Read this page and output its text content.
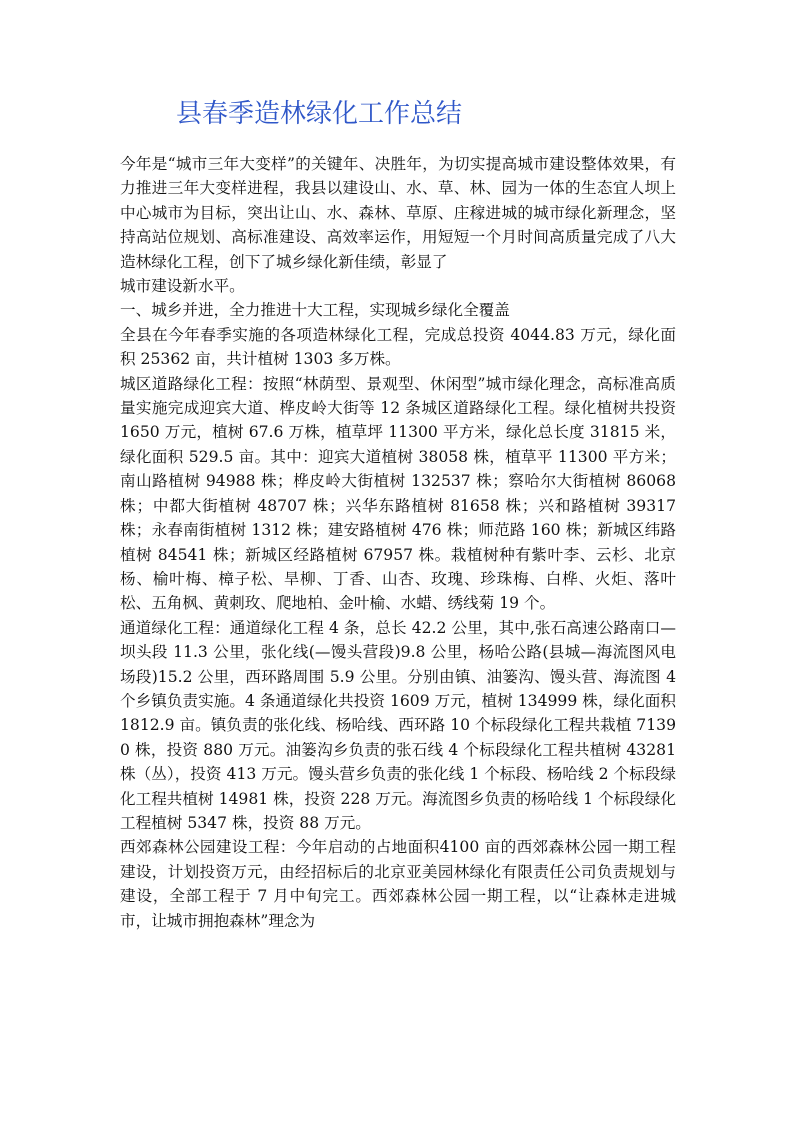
县春季造林绿化工作总结

今年是“城市三年大变样”的关键年、决胜年，为切实提高城市建设整体效果，有力推进三年大变样进程，我县以建设山、水、草、林、园为一体的生态宜人坝上中心城市为目标，突出让山、水、森林、草原、庄稼进城的城市绿化新理念，坚持高站位规划、高标准建设、高效率运作，用短短一个月时间高质量完成了八大造林绿化工程，创下了城乡绿化新佳绩，彰显了

城市建设新水平。

一、城乡并进，全力推进十大工程，实现城乡绿化全覆盖

全县在今年春季实施的各项造林绿化工程，完成总投资 4044.83 万元，绿化面积 25362 亩，共计植树 1303 多万株。

城区道路绿化工程：按照“林荫型、景观型、休闲型”城市绿化理念，高标准高质量实施完成迎宾大道、桦皮岭大街等 12 条城区道路绿化工程。绿化植树共投资 1650 万元，植树 67.6 万株，植草坪 11300 平方米，绿化总长度 31815 米，绿化面积 529.5 亩。其中：迎宾大道植树 38058 株，植草平 11300 平方米；南山路植树 94988 株；桦皮岭大街植树 132537 株；察哈尔大街植树 86068 株；中都大街植树 48707 株；兴华东路植树 81658 株；兴和路植树 39317 株；永春南街植树 1312 株；建安路植树 476 株；师范路 160 株；新城区纬路植树 84541 株；新城区经路植树 67957 株。栽植树种有紫叶李、云杉、北京杨、榆叶梅、樟子松、旱柳、丁香、山杏、玫瑰、珍珠梅、白桦、火炬、落叶松、五角枫、黄刺玫、爬地柏、金叶榆、水蜡、绣线菊 19 个。

通道绿化工程：通道绿化工程 4 条，总长 42.2 公里，其中,张石高速公路南口—坝头段 11.3 公里，张化线(—馒头营段)9.8 公里，杨哈公路(县城—海流图风电场段)15.2 公里，西环路周围 5.9 公里。分别由镇、油篓沟、馒头营、海流图 4 个乡镇负责实施。4 条通道绿化共投资 1609 万元，植树 134999 株，绿化面积 1812.9 亩。镇负责的张化线、杨哈线、西环路 10 个标段绿化工程共栽植 71390 株，投资 880 万元。油篓沟乡负责的张石线 4 个标段绿化工程共植树 43281 株（丛），投资 413 万元。馒头营乡负责的张化线 1 个标段、杨哈线 2 个标段绿化工程共植树 14981 株，投资 228 万元。海流图乡负责的杨哈线 1 个标段绿化工程植树 5347 株，投资 88 万元。

西郊森林公园建设工程：今年启动的占地面积4100 亩的西郊森林公园一期工程建设，计划投资万元，由经招标后的北京亚美园林绿化有限责任公司负责规划与建设，全部工程于 7 月中旬完工。西郊森林公园一期工程，以“让森林走进城市，让城市拥抱森林”理念为
